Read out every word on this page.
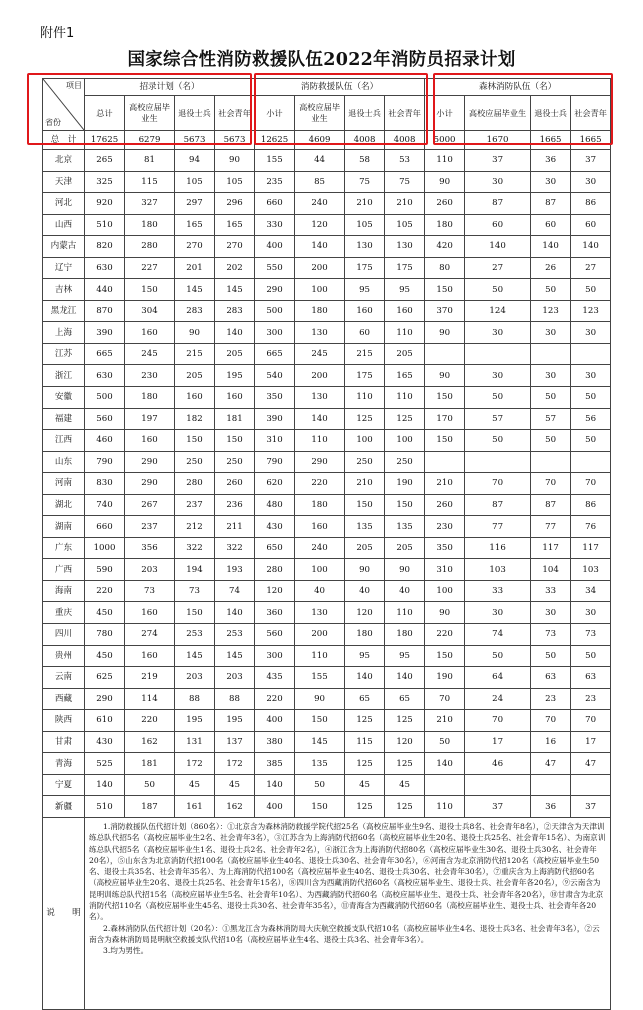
附件1
国家综合性消防救援队伍2022年消防员招录计划
项目
省份	招录计划（名）				消防救援队伍（名）				森林消防队伍（名）			
	总计	高校应届毕业生	退役士兵	社会青年	小计	高校应届毕业生	退役士兵	社会青年	小计	高校应届毕业生	退役士兵	社会青年
总　计	17625	6279	5673	5673	12625	4609	4008	4008	5000	1670	1665	1665
北京	265	81	94	90	155	44	58	53	110	37	36	37
天津	325	115	105	105	235	85	75	75	90	30	30	30
河北	920	327	297	296	660	240	210	210	260	87	87	86
山西	510	180	165	165	330	120	105	105	180	60	60	60
内蒙古	820	280	270	270	400	140	130	130	420	140	140	140
辽宁	630	227	201	202	550	200	175	175	80	27	26	27
吉林	440	150	145	145	290	100	95	95	150	50	50	50
黑龙江	870	304	283	283	500	180	160	160	370	124	123	123
上海	390	160	90	140	300	130	60	110	90	30	30	30
江苏	665	245	215	205	665	245	215	205				
浙江	630	230	205	195	540	200	175	165	90	30	30	30
安徽	500	180	160	160	350	130	110	110	150	50	50	50
福建	560	197	182	181	390	140	125	125	170	57	57	56
江西	460	160	150	150	310	110	100	100	150	50	50	50
山东	790	290	250	250	790	290	250	250				
河南	830	290	280	260	620	220	210	190	210	70	70	70
湖北	740	267	237	236	480	180	150	150	260	87	87	86
湖南	660	237	212	211	430	160	135	135	230	77	77	76
广东	1000	356	322	322	650	240	205	205	350	116	117	117
广西	590	203	194	193	280	100	90	90	310	103	104	103
海南	220	73	73	74	120	40	40	40	100	33	33	34
重庆	450	160	150	140	360	130	120	110	90	30	30	30
四川	780	274	253	253	560	200	180	180	220	74	73	73
贵州	450	160	145	145	300	110	95	95	150	50	50	50
云南	625	219	203	203	435	155	140	140	190	64	63	63
西藏	290	114	88	88	220	90	65	65	70	24	23	23
陕西	610	220	195	195	400	150	125	125	210	70	70	70
甘肃	430	162	131	137	380	145	115	120	50	17	16	17
青海	525	181	172	172	385	135	125	125	140	46	47	47
宁夏	140	50	45	45	140	50	45	45				
新疆	510	187	161	162	400	150	125	125	110	37	36	37
说　　明	1.消防救援队伍代招计划（860名）：①北京含为森林消防救援学院代招25名（高校应届毕业生9名、退役士兵8名、社会青年8名），②天津含为天津训练总队代招5名（高校应届毕业生2名、社会青年3名），③江苏含为上海消防代招60名（高校应届毕业生20名、退役士兵25名、社会青年15名）、为南京训练总队代招5名（高校应届毕业生1名、退役士兵2名、社会青年2名），④浙江含为上海消防代招80名（高校应届毕业生30名、退役士兵30名、社会青年20名），⑤山东含为北京消防代招100名（高校应届毕业生40名、退役士兵30名、社会青年30名），⑥河南含为北京消防代招120名（高校应届毕业生50名、退役士兵35名、社会青年35名）、为上海消防代招100名（高校应届毕业生40名、退役士兵30名、社会青年30名），⑦重庆含为上海消防代招60名（高校应届毕业生20名、退役士兵25名、社会青年15名），⑧四川含为西藏消防代招60名（高校应届毕业生、退役士兵、社会青年各20名），⑨云南含为昆明训练总队代招15名（高校应届毕业生5名、社会青年10名）、为西藏消防代招60名（高校应届毕业生、退役士兵、社会青年各20名），⑩甘肃含为北京消防代招110名（高校应届毕业生45名、退役士兵30名、社会青年35名），⑪青海含为西藏消防代招60名（高校应届毕业生、退役士兵、社会青年各20名）。

2.森林消防队伍代招计划（20名）：①黑龙江含为森林消防局大庆航空救援支队代招10名（高校应届毕业生4名、退役士兵3名、社会青年3名），②云南含为森林消防局昆明航空救援支队代招10名（高校应届毕业生4名、退役士兵3名、社会青年3名）。

3.均为男性。											
